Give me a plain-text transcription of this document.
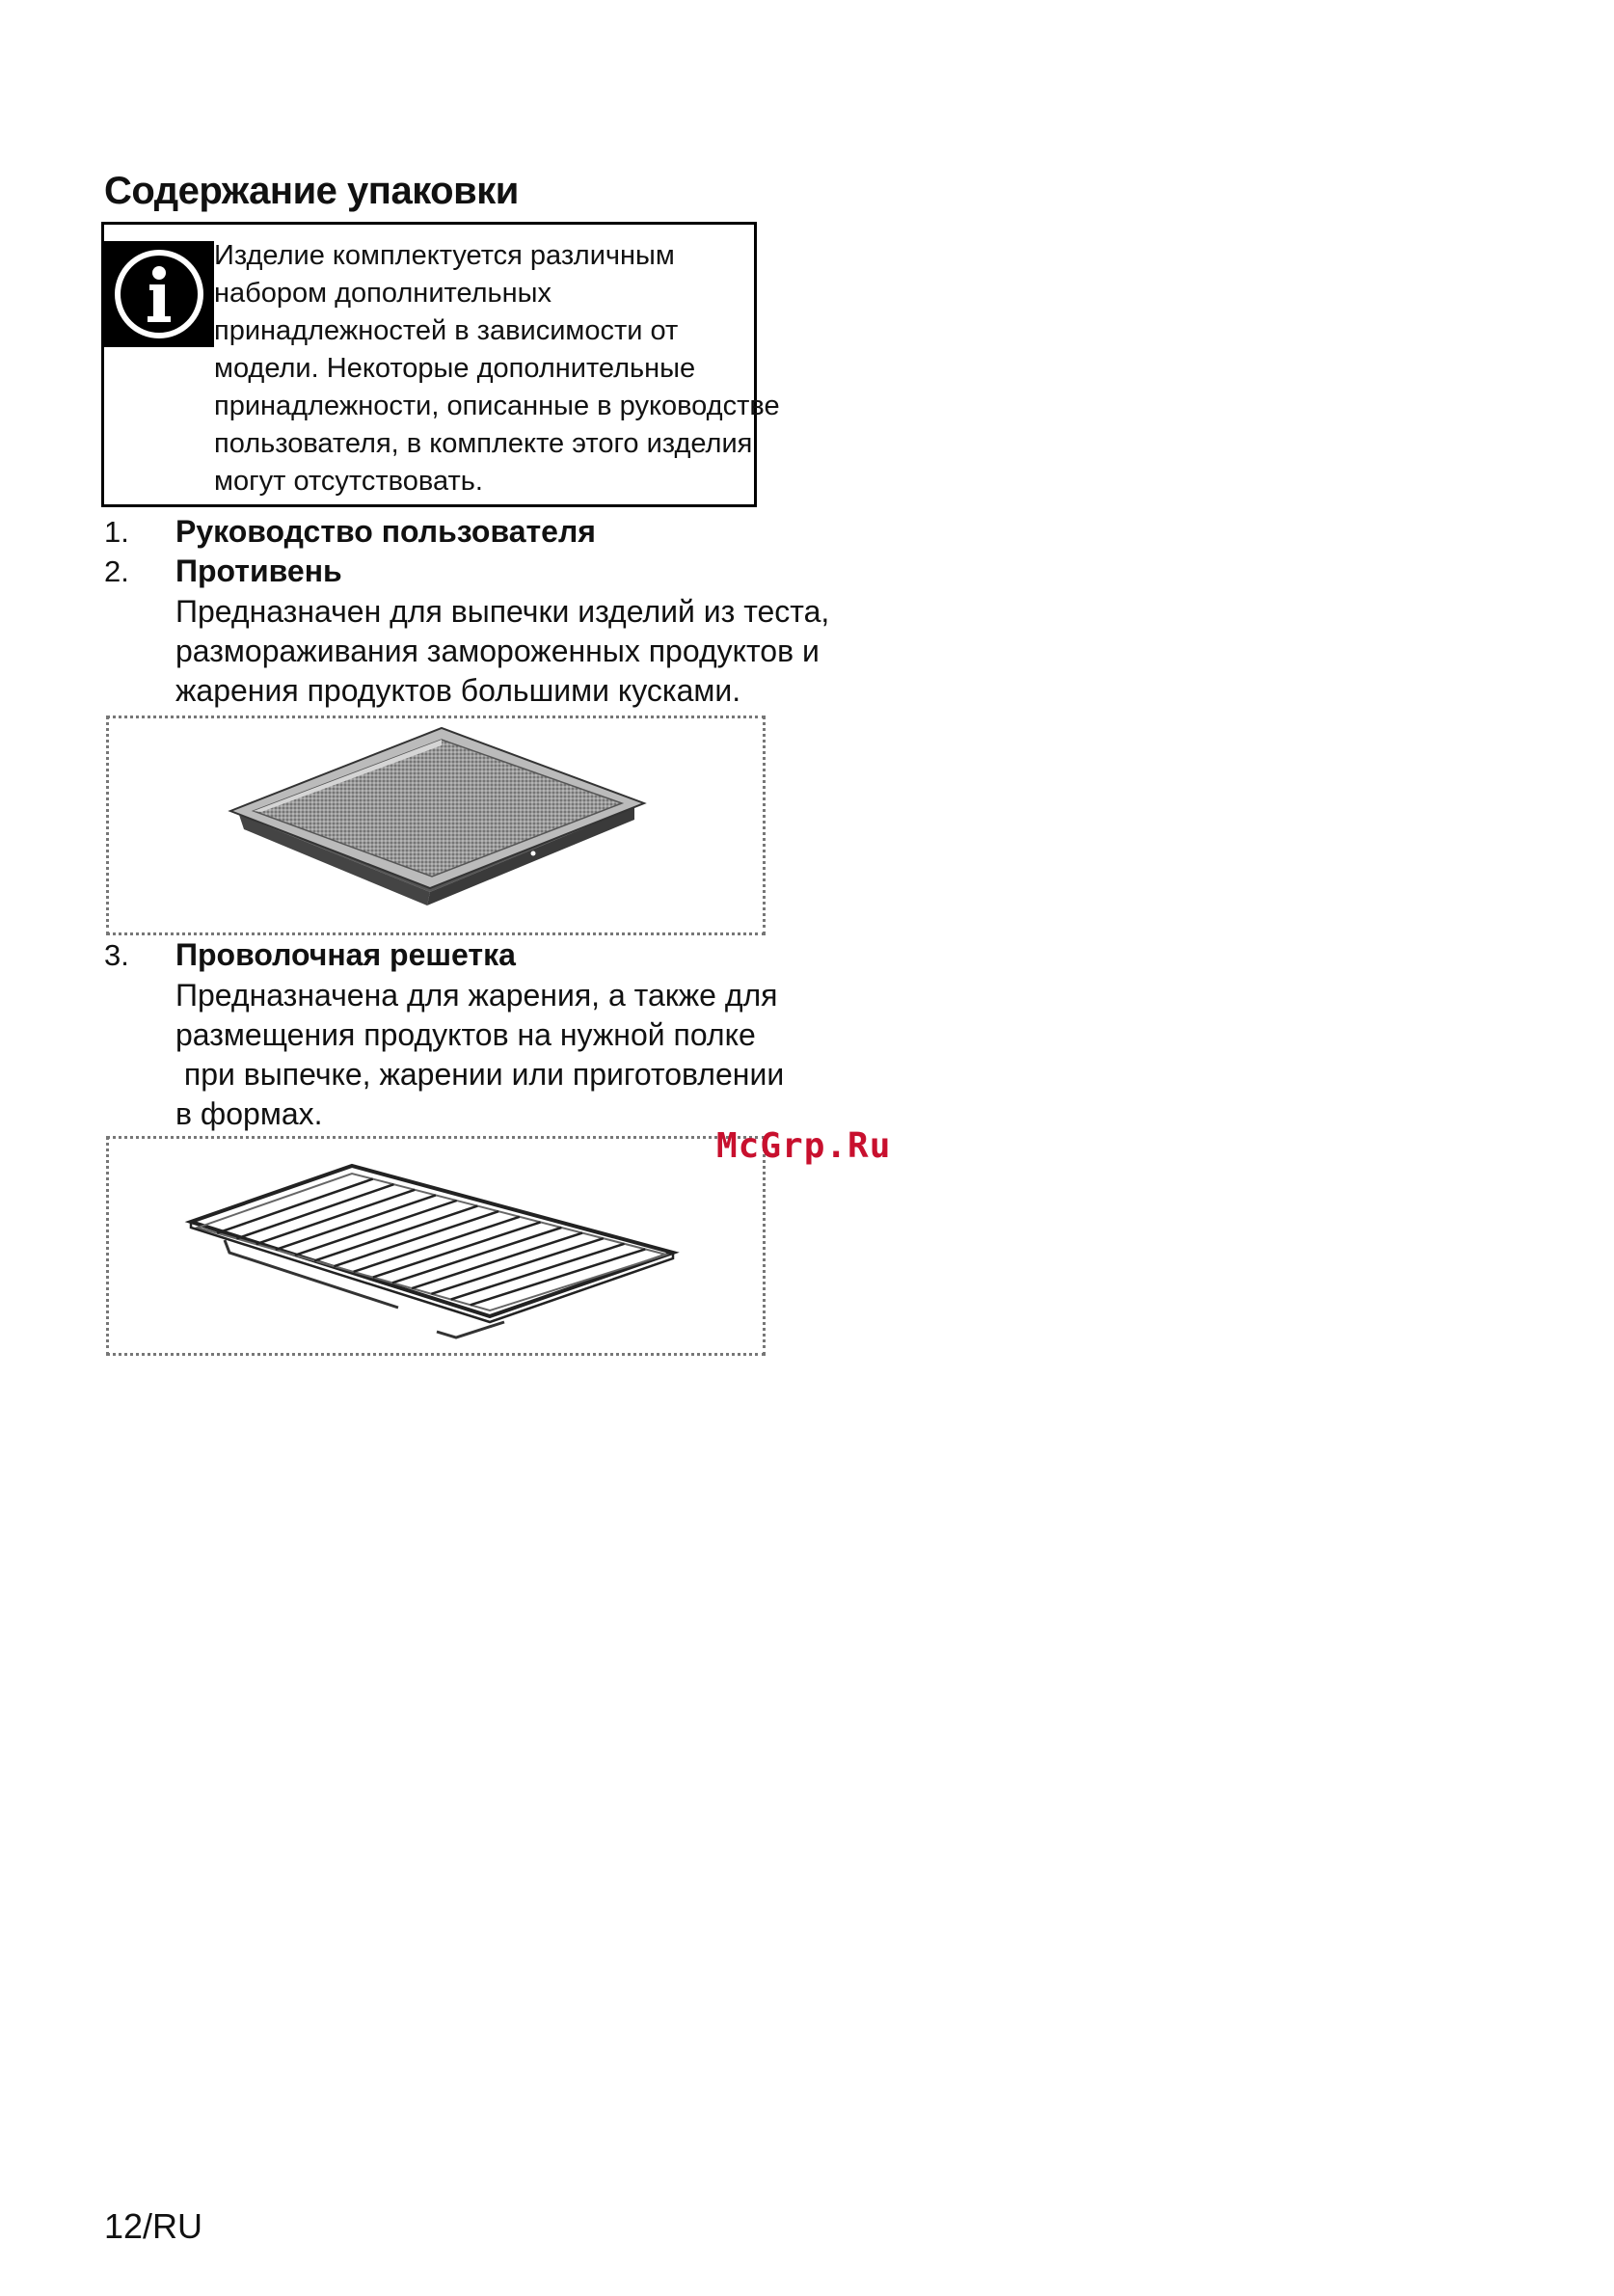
Содержание упаковки
Изделие комплектуется различным
набором дополнительных
принадлежностей в зависимости от
модели. Некоторые дополнительные
принадлежности, описанные в руководстве
пользователя, в комплекте этого изделия
могут отсутствовать.
1. Руководство пользователя
2. Противень
Предназначен для выпечки изделий из теста,
размораживания замороженных продуктов и
жарения продуктов большими кусками.
3. Проволочная решетка
Предназначена для жарения, а также для
размещения продуктов на нужной полке
при выпечке, жарении или приготовлении
в формах.
McGrp.Ru
12/RU
